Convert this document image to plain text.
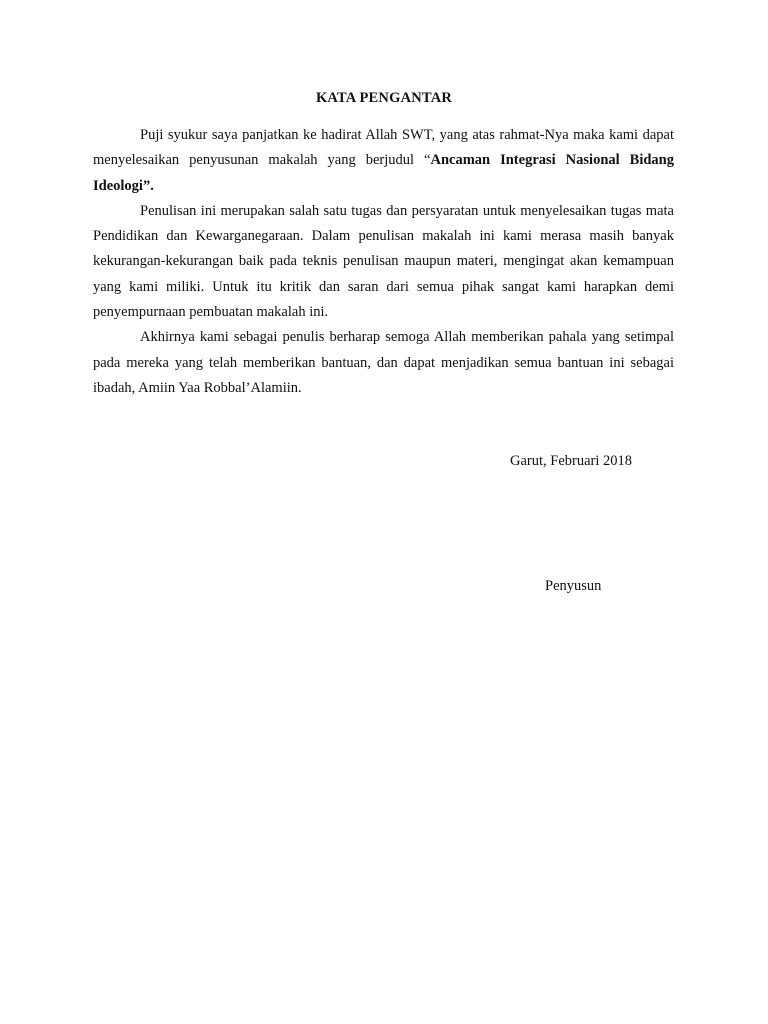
KATA PENGANTAR

Puji syukur saya panjatkan ke hadirat Allah SWT, yang atas rahmat-Nya maka kami dapat menyelesaikan penyusunan makalah yang berjudul “Ancaman Integrasi Nasional Bidang Ideologi”.

Penulisan ini merupakan salah satu tugas dan persyaratan untuk menyelesaikan tugas mata Pendidikan dan Kewarganegaraan. Dalam penulisan makalah ini kami merasa masih banyak kekurangan-kekurangan baik pada teknis penulisan maupun materi, mengingat akan kemampuan yang kami miliki. Untuk itu kritik dan saran dari semua pihak sangat kami harapkan demi penyempurnaan pembuatan makalah ini.

Akhirnya kami sebagai penulis berharap semoga Allah memberikan pahala yang setimpal pada mereka yang telah memberikan bantuan, dan dapat menjadikan semua bantuan ini sebagai ibadah, Amiin Yaa Robbal’Alamiin.

Garut, Februari 2018
Penyusun
